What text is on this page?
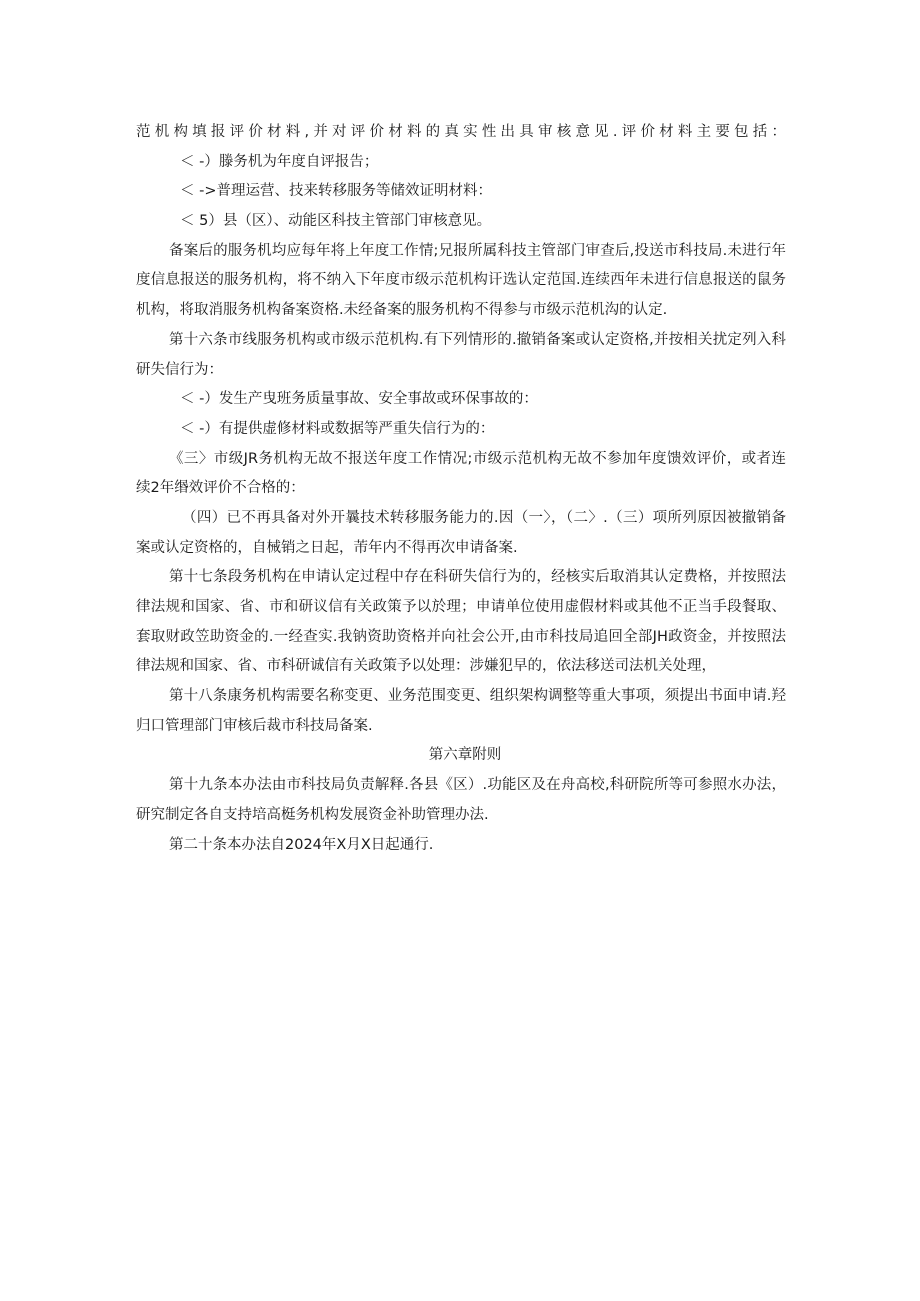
范机构填报评价材料,并对评价材料的真实性出具审核意见.评价材料主要包括：
＜ -）滕务机为年度自评报告；
＜ ->普理运营、技来转移服务等储效证明材料：
＜ 5）县（区）、动能区科技主管部门审核意见。
备案后的服务机均应每年将上年度工作情;兄报所属科技主管部门审查后,投送市科技局.未进行年
度信息报送的服务机构，将不纳入下年度市级示范机构讦选认定范国.连续西年未进行信息报送的鼠务
机构，将取消服务机构备案资格.未经备案的服务机构不得参与市级示范机沟的认定.
第十六条市线服务机构或市级示范机构.有下列情形的.撤销备案或认定资格,并按相关扰定列入科
研失信行为：
＜ -）发生产曳班务质量事故、安全事故或环保事故的：
＜ -）有提供虚修材料或数据等严重失信行为的：
《三〉市级JR务机构无故不报送年度工作情况;市级示范机构无故不参加年度馈效评价，或者连
续2年缗效评价不合格的：
（四）已不再具备对外开曩技术转移服务能力的.因（一〉，（二〉.（三）项所列原因被撤销备
案或认定资格的，自械销之日起，芾年内不得再次申请备案.
第十七条段务机构在申请认定过程中存在科研失信行为的，经核实后取消其认定费格，并按照法
律法规和国家、省、市和研议信有关政策予以於理；申请单位使用虚假材料或其他不正当手段餐取、
套取财政笠助资金的.一经查实.我钠资助资格并向社会公开,由市科技局追回全部JH政资金，并按照法
律法规和国家、省、市科研诚信有关政策予以处理：涉嫌犯早的，依法移送司法机关处理，
第十八条康务机构需要名称变更、业务范围变更、组织架构调整等重大事项，须提出书面申请.羟
归口管理部门审核后裁市科技局备案.
第六章附则
第十九条本办法由市科技局负责解释.各县《区）.功能区及在舟高校,科研院所等可参照水办法，
研究制定各自支持培高梃务机构发展资金补助管理办法.
第二十条本办法自2024年X月X日起通行.
